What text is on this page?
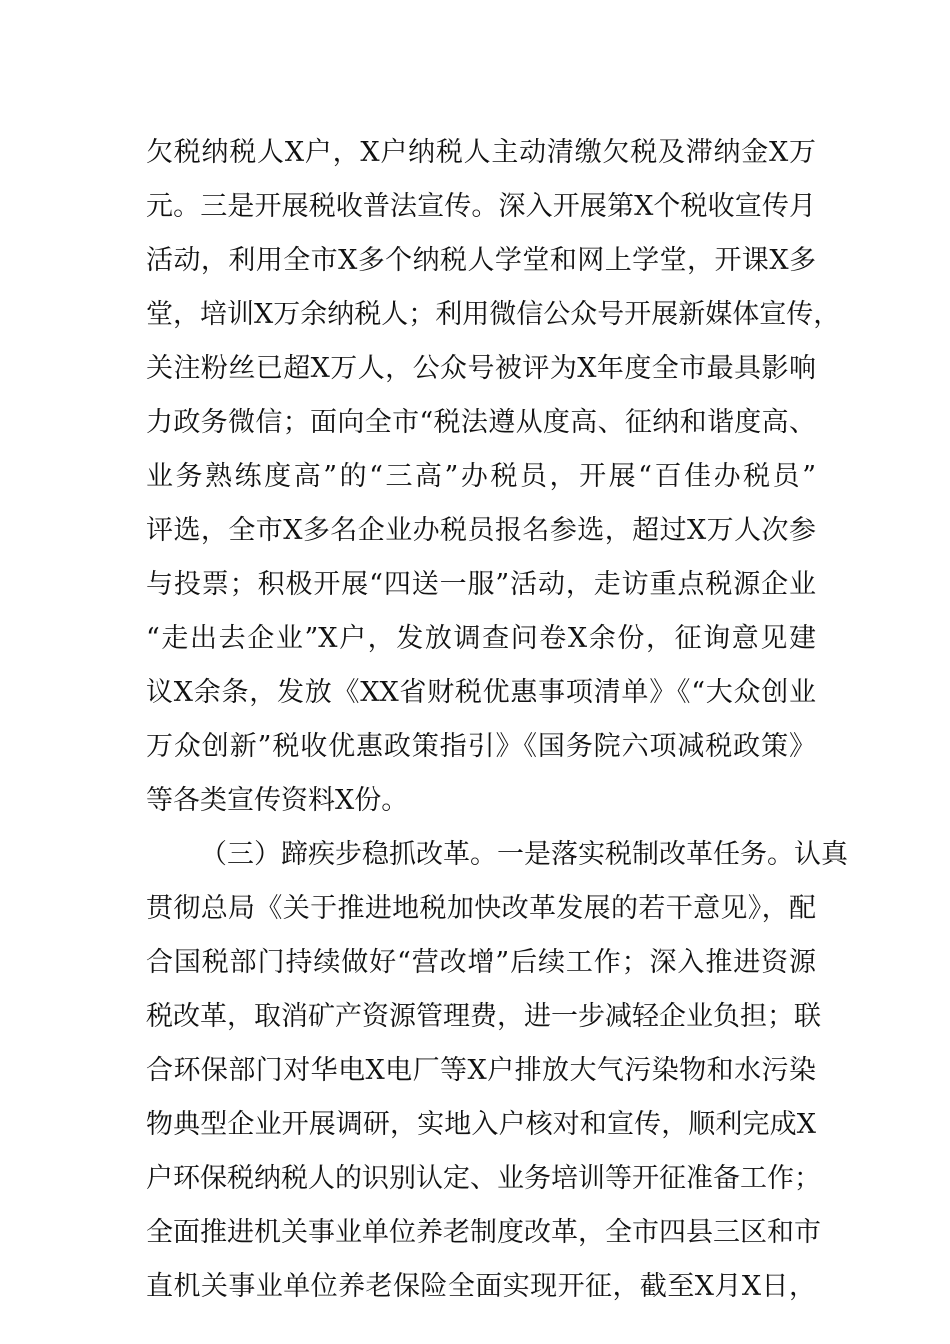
欠税纳税人X户，X户纳税人主动清缴欠税及滞纳金X万
元。三是开展税收普法宣传。深入开展第X个税收宣传月
活动，利用全市X多个纳税人学堂和网上学堂，开课X多
堂，培训X万余纳税人；利用微信公众号开展新媒体宣传，
关注粉丝已超X万人，公众号被评为X年度全市最具影响
力政务微信；面向全市“税法遵从度高、征纳和谐度高、
业务熟练度高”的“三高”办税员，开展“百佳办税员”
评选，全市X多名企业办税员报名参选，超过X万人次参
与投票；积极开展“四送一服”活动，走访重点税源企业
“走出去企业”X户，发放调查问卷X余份，征询意见建
议X余条，发放《XX省财税优惠事项清单》《“大众创业
万众创新”税收优惠政策指引》《国务院六项减税政策》
等各类宣传资料X份。
（三）蹄疾步稳抓改革。一是落实税制改革任务。认真
贯彻总局《关于推进地税加快改革发展的若干意见》，配
合国税部门持续做好“营改增”后续工作；深入推进资源
税改革，取消矿产资源管理费，进一步减轻企业负担；联
合环保部门对华电X电厂等X户排放大气污染物和水污染
物典型企业开展调研，实地入户核对和宣传，顺利完成X
户环保税纳税人的识别认定、业务培训等开征准备工作；
全面推进机关事业单位养老制度改革，全市四县三区和市
直机关事业单位养老保险全面实现开征，截至X月X日，
